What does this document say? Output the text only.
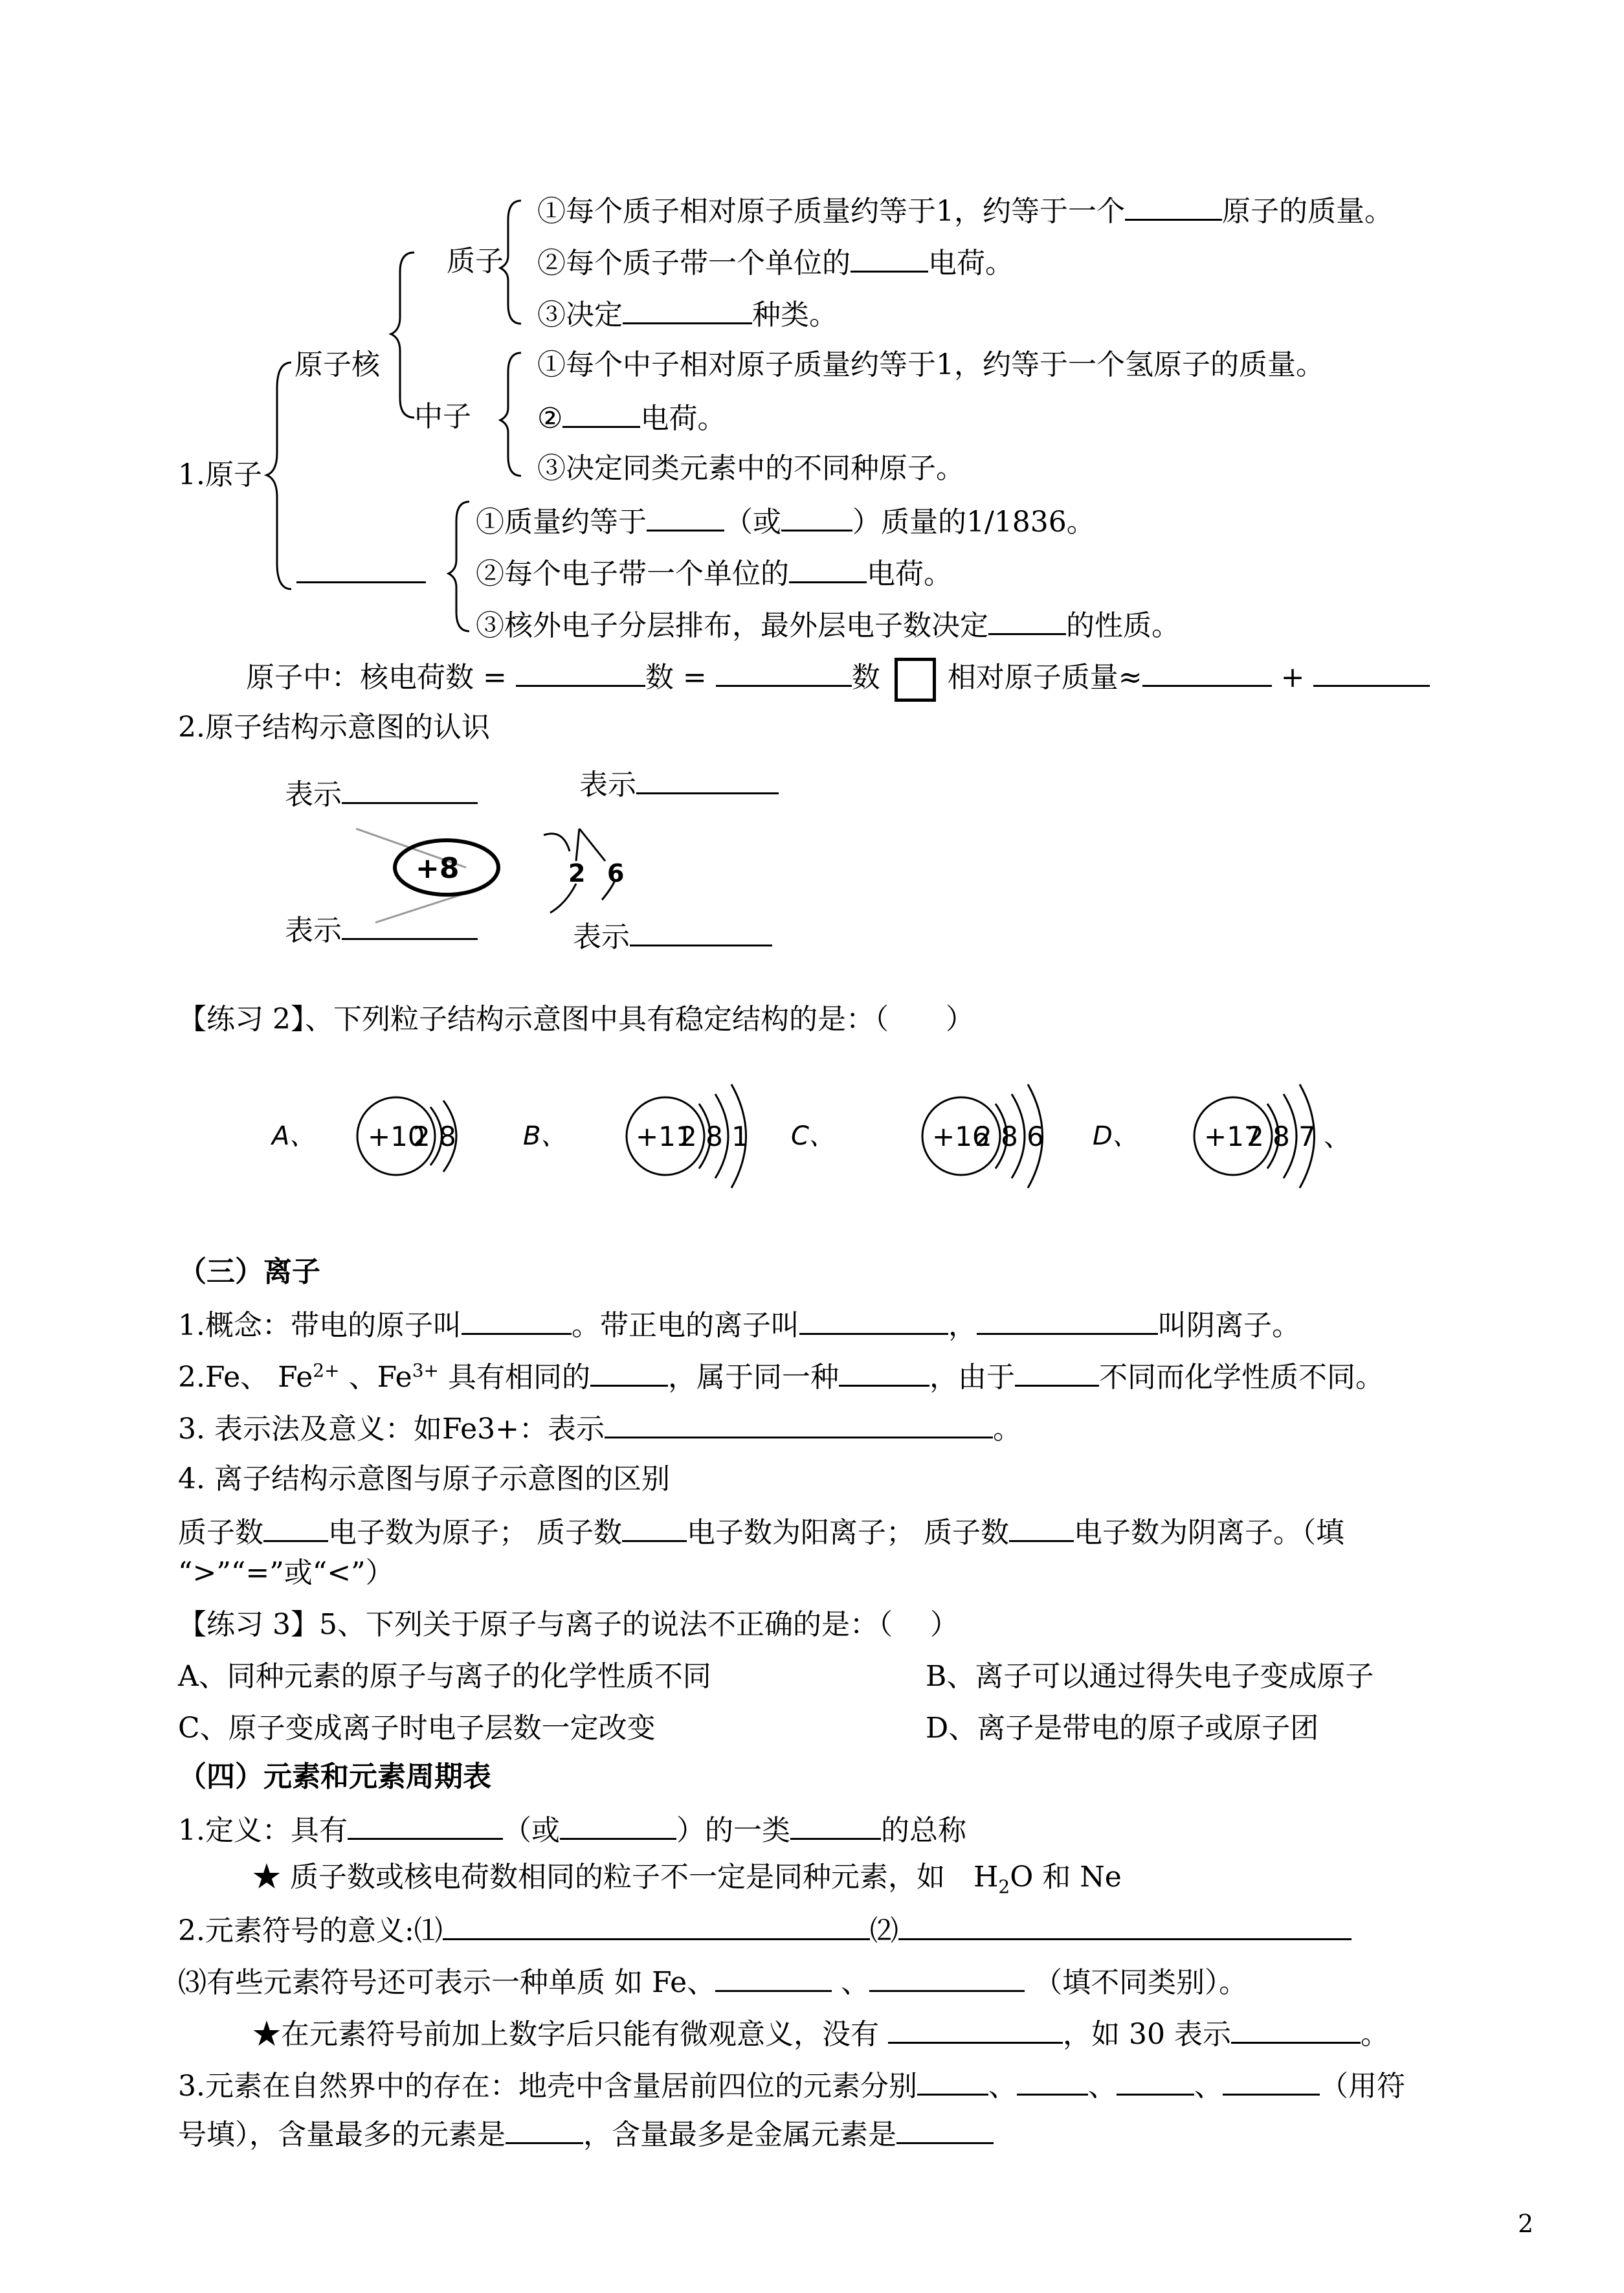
①每个质子相对原子质量约等于1，约等于一个	原子的质量。
质子 ②每个质子带一个单位的	电荷。
③决定	种类。
原子核	①每个中子相对原子质量约等于1，约等于一个氢原子的质量。
中子 ②	电荷。
③决定同类元素中的不同种原子。
1.原子
①质量约等于	（或	）质量的1/1836。
②每个电子带一个单位的	电荷。
③核外电子分层排布，最外层电子数决定	的性质。
原子中：核电荷数 =	数 =	数 相对原子质量≈	+
2.原子结构示意图的认识
表示	表示
表示	表示
+8	2 6
【练习 2】、下列粒子结构示意图中具有稳定结构的是：（　　）
A、 +10
2 8	B、	+11
2 8 1 C、	+16
2 8 6 D、 +17
2 8 7 、
（三）离子
1.概念：带电的原子叫	。带正电的离子叫	，	叫阴离子。
2.Fe、 $Fe^{2+}$ 、$Fe^{3+}$ 具有相同的	，属于同一种	，由于	不同而化学性质不同。
3. 表示法及意义：如Fe3+：表示	。
4. 离子结构示意图与原子示意图的区别
质子数 电子数为原子； 质子数 电子数为阳离子； 质子数 电子数为阴离子。（填
“>”“=”或“<”）
【练习 3】5、下列关于原子与离子的说法不正确的是：（　 ）
A、同种元素的原子与离子的化学性质不同	B、离子可以通过得失电子变成原子
C、原子变成离子时电子层数一定改变	D、离子是带电的原子或原子团
（四）元素和元素周期表
1.定义：具有	（或	）的一类	的总称
★ 质子数或核电荷数相同的粒子不一定是同种元素，如　$H_2O$ 和 Ne
2.元素符号的意义:⑴	⑵
⑶有些元素符号还可表示一种单质 如 Fe、	、	（填不同类别）。
★在元素符号前加上数字后只能有微观意义，没有	，如 30 表示	。
3.元素在自然界中的存在：地壳中含量居前四位的元素分别	、	、	、	（用符
号填），含量最多的元素是	，含量最多是金属元素是
2
